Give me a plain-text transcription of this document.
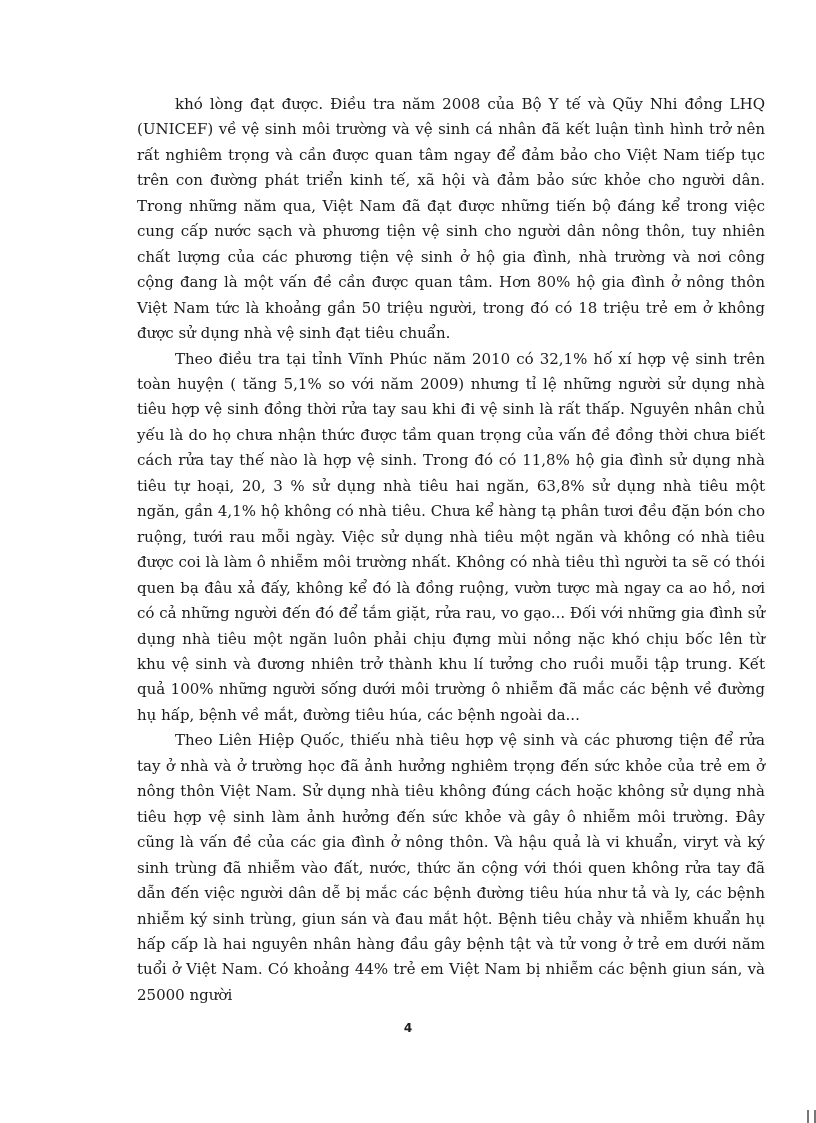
khó lòng đạt được. Điều tra năm 2008 của Bộ Y tế và Qũy Nhi đồng LHQ (UNICEF) về vệ sinh môi trường và vệ sinh cá nhân đã kết luận tình hình trở nên rất nghiêm trọng và cần được quan tâm ngay để đảm bảo cho Việt Nam tiếp tục trên con đường phát triển kinh tế, xã hội và đảm bảo sức khỏe cho người dân. Trong những năm qua, Việt Nam đã đạt được những tiến bộ đáng kể trong việc cung cấp nước sạch và phương tiện vệ sinh cho người dân nông thôn, tuy nhiên chất lượng của các phương tiện vệ sinh ở hộ gia đình, nhà trường và nơi công cộng đang là một vấn đề cần được quan tâm. Hơn 80% hộ gia đình ở nông thôn Việt Nam tức là khoảng gần 50 triệu người, trong đó có 18 triệu trẻ em ở không được sử dụng nhà vệ sinh đạt tiêu chuẩn.

Theo điều tra tại tỉnh Vĩnh Phúc năm 2010 có 32,1% hố xí hợp vệ sinh trên toàn huyện ( tăng 5,1% so với năm 2009) nhưng tỉ lệ những người sử dụng nhà tiêu hợp vệ sinh đồng thời rửa tay sau khi đi vệ sinh là rất thấp. Nguyên nhân chủ yếu là do họ chưa nhận thức được tầm quan trọng của vấn đề đồng thời chưa biết cách rửa tay thế nào là hợp vệ sinh. Trong đó có 11,8% hộ gia đình sử dụng nhà tiêu tự hoại, 20, 3 % sử dụng nhà tiêu hai ngăn, 63,8% sử dụng nhà tiêu một ngăn, gần 4,1% hộ không có nhà tiêu. Chưa kể hàng tạ phân tươi đều đặn bón cho ruộng, tưới rau mỗi ngày. Việc sử dụng nhà tiêu một ngăn và không có nhà tiêu được coi là làm ô nhiễm môi trường nhất. Không có nhà tiêu thì người ta sẽ có thói quen bạ đâu xả đấy, không kể đó là đồng ruộng, vườn tược mà ngay ca ao hồ, nơi có cả những người đến đó để tắm giặt, rửa rau, vo gạo... Đối với những gia đình sử dụng nhà tiêu một ngăn luôn phải chịu đựng mùi nồng nặc khó chịu bốc lên từ khu vệ sinh và đương nhiên trở thành khu lí tưởng cho ruồi muỗi tập trung. Kết quả 100% những người sống dưới môi trường ô nhiễm đã mắc các bệnh về đường hụ hấp, bệnh về mắt, đường tiêu húa, các bệnh ngoài da...

Theo Liên Hiệp Quốc, thiếu nhà tiêu hợp vệ sinh và các phương tiện để rửa tay ở nhà và ở trường học đã ảnh hưởng nghiêm trọng đến sức khỏe của trẻ em ở nông thôn Việt Nam. Sử dụng nhà tiêu không đúng cách hoặc không sử dụng nhà tiêu hợp vệ sinh làm ảnh hưởng đến sức khỏe và gây ô nhiễm môi trường. Đây cũng là vấn đề của các gia đình ở nông thôn. Và hậu quả là vi khuẩn, viryt và ký sinh trùng đã nhiễm vào đất, nước, thức ăn cộng với thói quen không rửa tay đã dẫn đến việc người dân dễ bị mắc các bệnh đường tiêu húa như tả và ly, các bệnh nhiễm ký sinh trùng, giun sán và đau mắt hột. Bệnh tiêu chảy và nhiễm khuẩn hụ hấp cấp là hai nguyên nhân hàng đầu gây bệnh tật và tử vong ở trẻ em dưới năm tuổi ở Việt Nam. Có khoảng 44% trẻ em Việt Nam bị nhiễm các bệnh giun sán, và 25000 người

4
